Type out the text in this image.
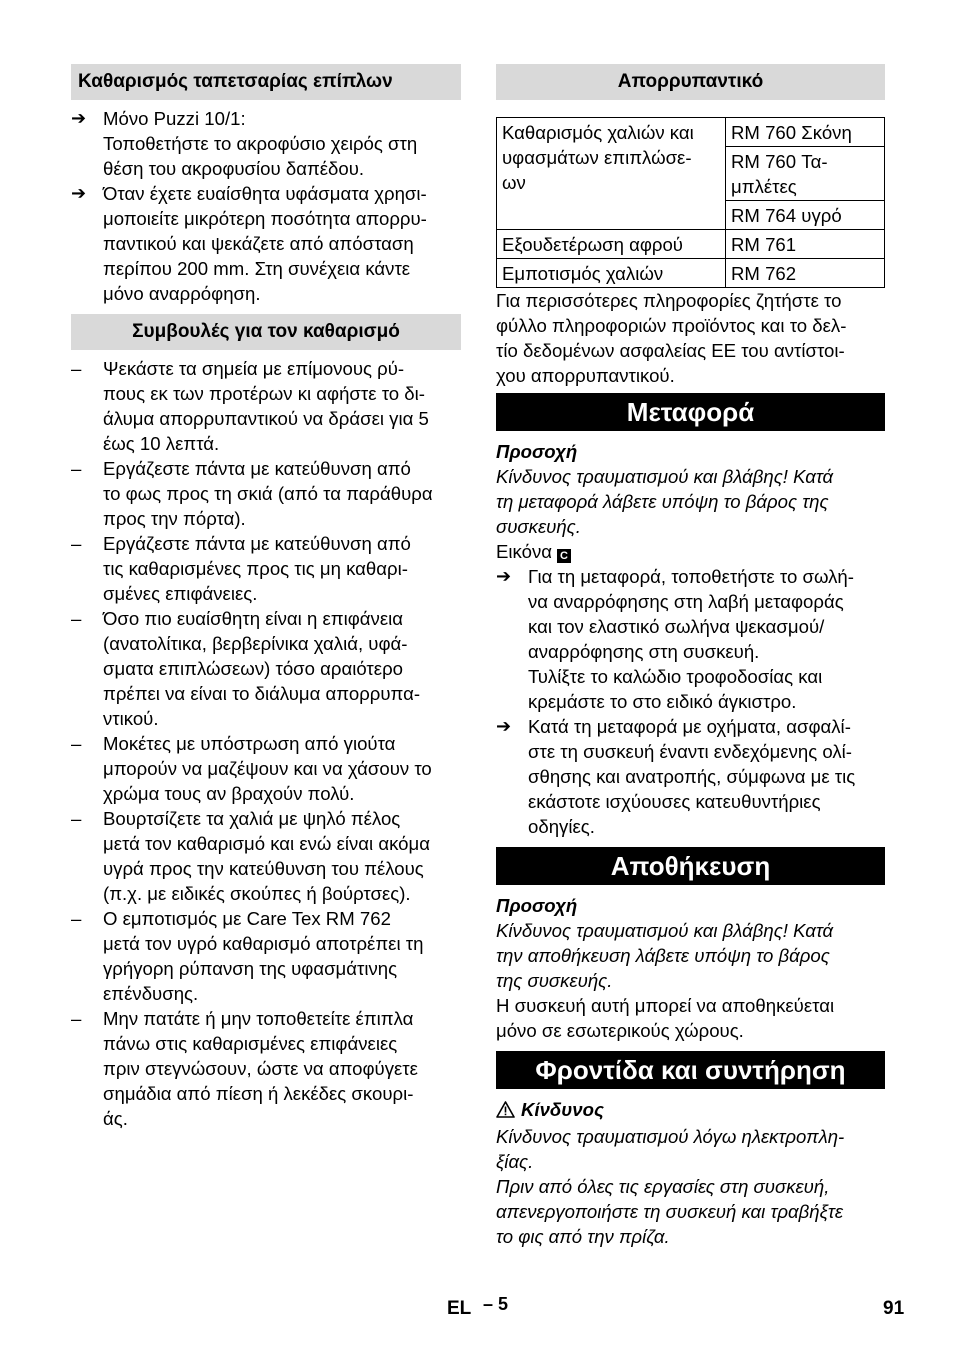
Καθαρισμός ταπετσαρίας επίπλων

➔ Μόνο Puzzi 10/1:
Τοποθετήστε το ακροφύσιο χειρός στη
θέση του ακροφυσίου δαπέδου.

➔ Όταν έχετε ευαίσθητα υφάσματα χρησι-
μοποιείτε μικρότερη ποσότητα απορρυ-
παντικού και ψεκάζετε από απόσταση
περίπου 200 mm. Στη συνέχεια κάντε
μόνο αναρρόφηση.

Συμβουλές για τον καθαρισμό

–	Ψεκάστε τα σημεία με επίμονους ρύ-
πους εκ των προτέρων κι αφήστε το δι-
άλυμα απορρυπαντικού να δράσει για 5
έως 10 λεπτά.

–	Εργάζεστε πάντα με κατεύθυνση από
το φως προς τη σκιά (από τα παράθυρα
προς την πόρτα).

–	Εργάζεστε πάντα με κατεύθυνση από
τις καθαρισμένες προς τις μη καθαρι-
σμένες επιφάνειες.

–	Όσο πιο ευαίσθητη είναι η επιφάνεια
(ανατολίτικα, βερβερίνικα χαλιά, υφά-
σματα επιπλώσεων) τόσο αραιότερο
πρέπει να είναι το διάλυμα απορρυπα-
ντικού.

–	Μοκέτες με υπόστρωση από γιούτα
μπορούν να μαζέψουν και να χάσουν το
χρώμα τους αν βραχούν πολύ.

–	Βουρτσίζετε τα χαλιά με ψηλό πέλος
μετά τον καθαρισμό και ενώ είναι ακόμα
υγρά προς την κατεύθυνση του πέλους
(π.χ. με ειδικές σκούπες ή βούρτσες).

–	Ο εμποτισμός με Care Tex RM 762
μετά τον υγρό καθαρισμό αποτρέπει τη
γρήγορη ρύπανση της υφασμάτινης
επένδυσης.

–	Μην πατάτε ή μην τοποθετείτε έπιπλα
πάνω στις καθαρισμένες επιφάνειες
πριν στεγνώσουν, ώστε να αποφύγετε
σημάδια από πίεση ή λεκέδες σκουρι-
άς.

Απορρυπαντικό
Καθαρισμός χαλιών και
υφασμάτων επιπλώσε-
ων	RM 760 Σκόνη
	RM 760 Τα-
μπλέτες
	RM 764 υγρό
Εξουδετέρωση αφρού	RM 761
Εμποτισμός χαλιών	RM 762

Για περισσότερες πληροφορίες ζητήστε το
φύλλο πληροφοριών προϊόντος και το δελ-
τίο δεδομένων ασφαλείας ΕΕ του αντίστοι-
χου απορρυπαντικού.

Μεταφορά

Προσοχή

Κίνδυνος τραυματισμού και βλάβης! Κατά
τη μεταφορά λάβετε υπόψη το βάρος της
συσκευής.

Εικόνα C

➔ Για τη μεταφορά, τοποθετήστε το σωλή-
να αναρρόφησης στη λαβή μεταφοράς
και τον ελαστικό σωλήνα ψεκασμού/
αναρρόφησης στη συσκευή.
Τυλίξτε το καλώδιο τροφοδοσίας και
κρεμάστε το στο ειδικό άγκιστρο.

➔ Κατά τη μεταφορά με οχήματα, ασφαλί-
στε τη συσκευή έναντι ενδεχόμενης ολί-
σθησης και ανατροπής, σύμφωνα με τις
εκάστοτε ισχύουσες κατευθυντήριες
οδηγίες.

Αποθήκευση

Προσοχή

Κίνδυνος τραυματισμού και βλάβης! Κατά
την αποθήκευση λάβετε υπόψη το βάρος
της συσκευής.

Η συσκευή αυτή μπορεί να αποθηκεύεται
μόνο σε εσωτερικούς χώρους.

Φροντίδα και συντήρηση

Κίνδυνος

Κίνδυνος τραυματισμού λόγω ηλεκτροπλη-
ξίας.
Πριν από όλες τις εργασίες στη συσκευή,
απενεργοποιήστε τη συσκευή και τραβήξτε
το φις από την πρίζα.

EL – 5	91
